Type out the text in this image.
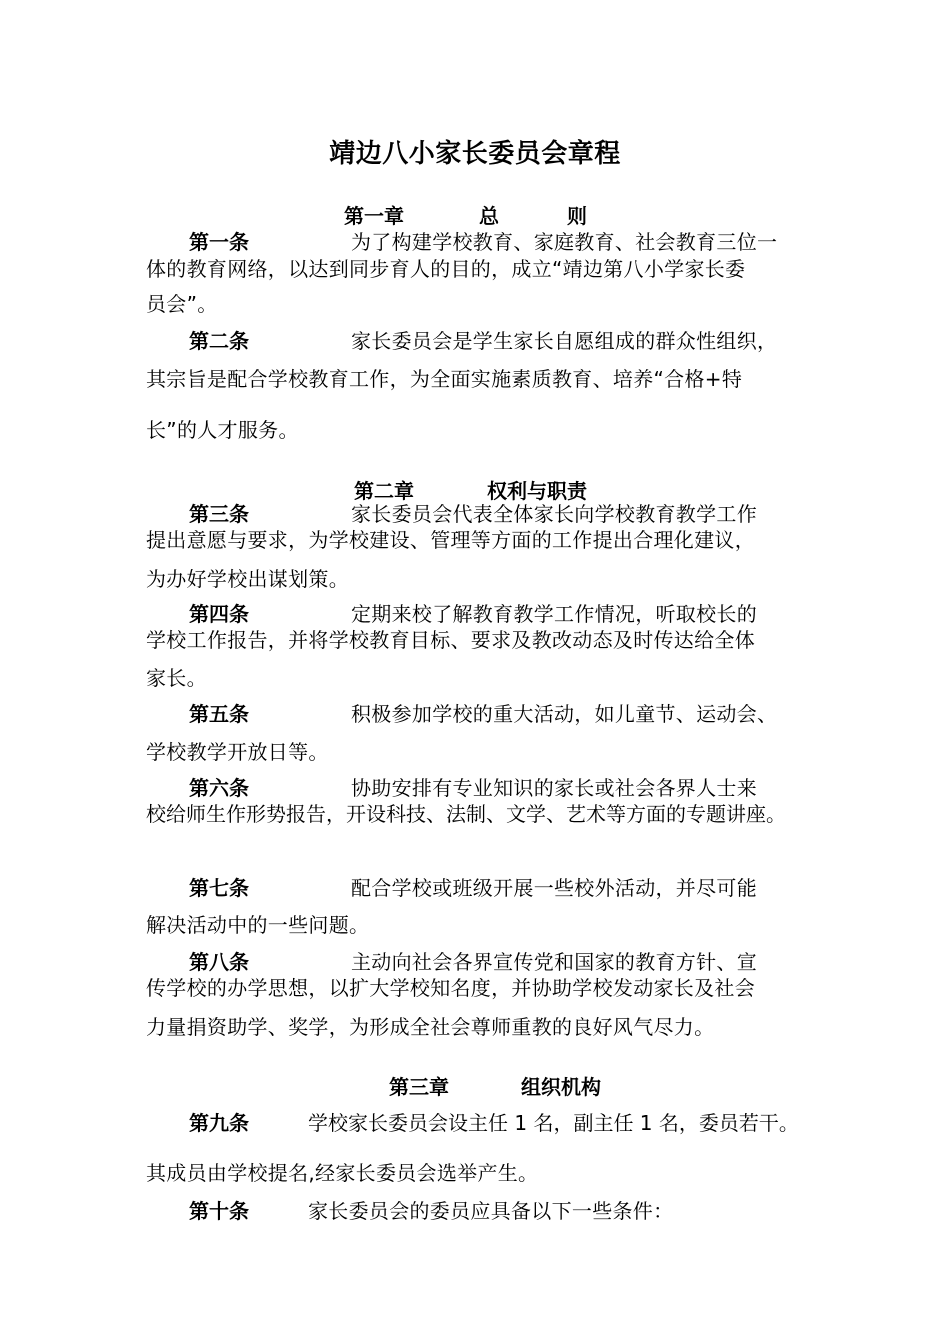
靖边八小家长委员会章程
第一章	总	则
第一条	为了构建学校教育、家庭教育、社会教育三位一
体的教育网络，以达到同步育人的目的，成立“靖边第八小学家长委
员会”。
第二条	家长委员会是学生家长自愿组成的群众性组织，
其宗旨是配合学校教育工作，为全面实施素质教育、培养“合格+特
长”的人才服务。
第二章	权利与职责
第三条	家长委员会代表全体家长向学校教育教学工作
提出意愿与要求，为学校建设、管理等方面的工作提出合理化建议，
为办好学校出谋划策。
第四条	定期来校了解教育教学工作情况，听取校长的
学校工作报告，并将学校教育目标、要求及教改动态及时传达给全体
家长。
第五条	积极参加学校的重大活动，如儿童节、运动会、
学校教学开放日等。
第六条	协助安排有专业知识的家长或社会各界人士来
校给师生作形势报告，开设科技、法制、文学、艺术等方面的专题讲座。
第七条	配合学校或班级开展一些校外活动，并尽可能
解决活动中的一些问题。
第八条	主动向社会各界宣传党和国家的教育方针、宣
传学校的办学思想，以扩大学校知名度，并协助学校发动家长及社会
力量捐资助学、奖学，为形成全社会尊师重教的良好风气尽力。
第三章	组织机构
第九条	学校家长委员会设主任 1 名，副主任 1 名，委员若干。
其成员由学校提名,经家长委员会选举产生。
第十条	家长委员会的委员应具备以下一些条件：
